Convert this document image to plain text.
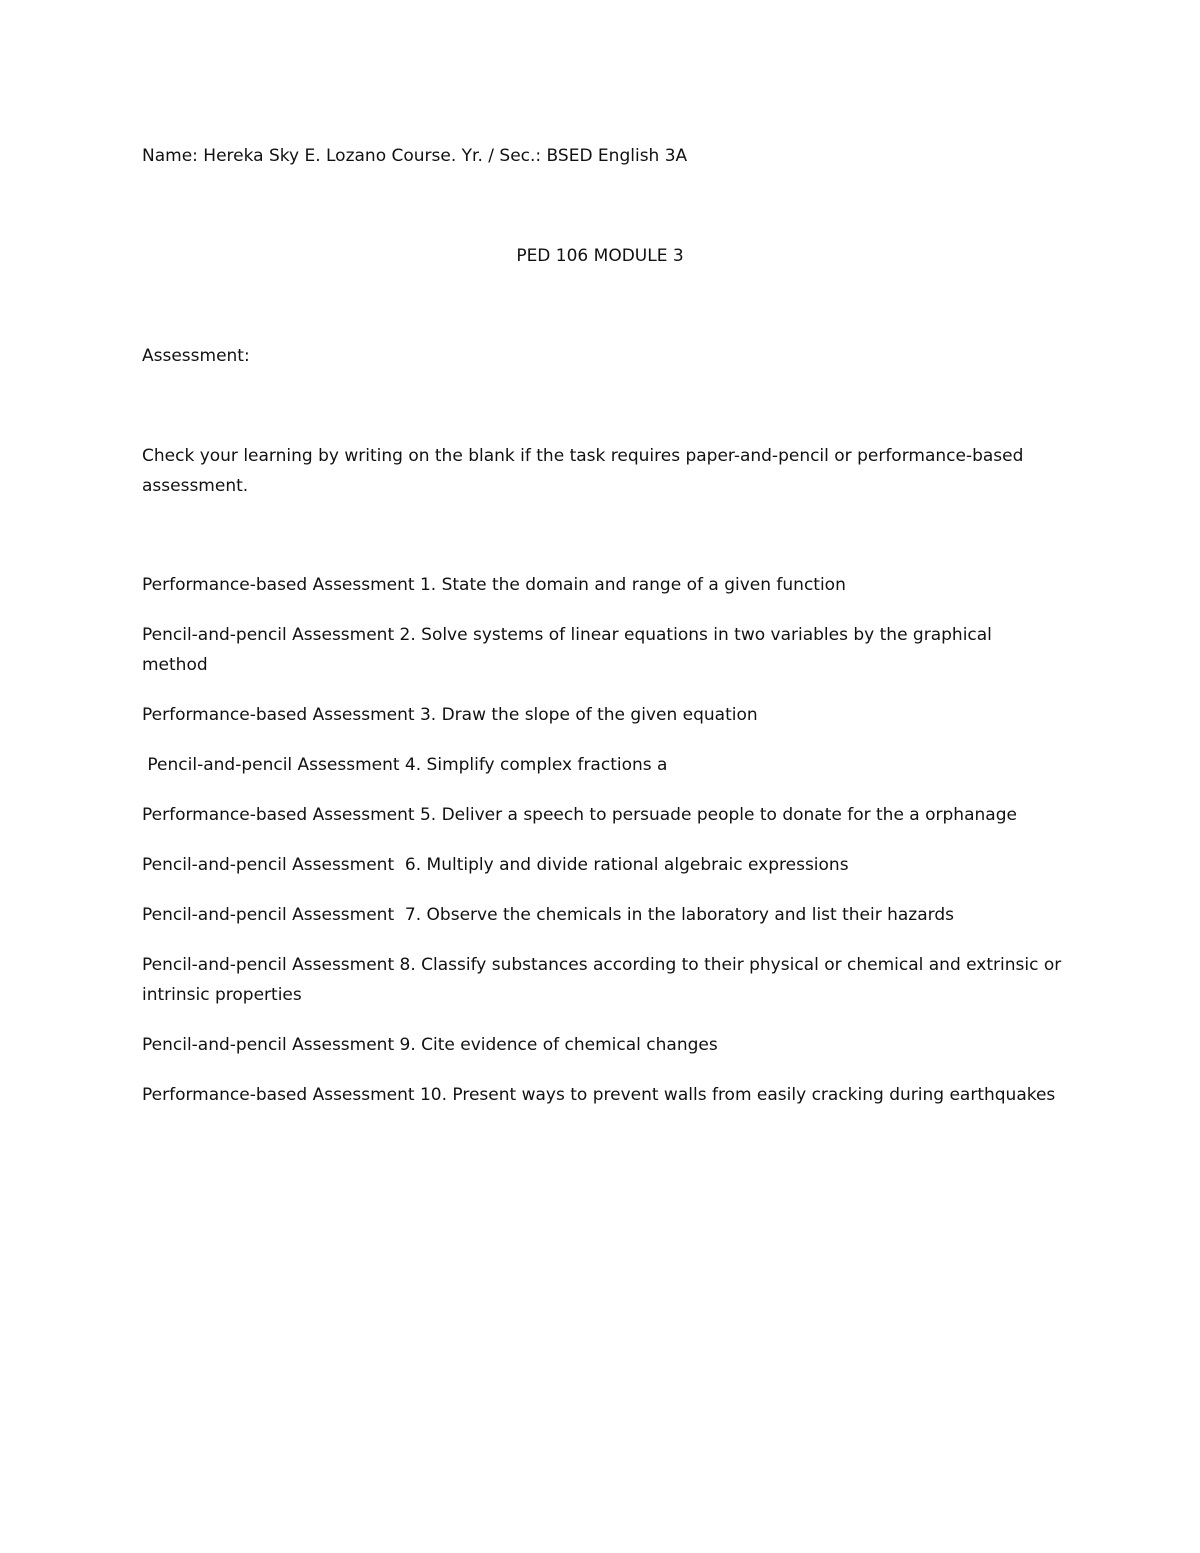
Name: Hereka Sky E. Lozano Course. Yr. / Sec.: BSED English 3A
PED 106 MODULE 3
Assessment:
Check your learning by writing on the blank if the task requires paper-and-pencil or performance-based assessment.
Performance-based Assessment 1. State the domain and range of a given function
Pencil-and-pencil Assessment 2. Solve systems of linear equations in two variables by the graphical method
Performance-based Assessment 3. Draw the slope of the given equation
Pencil-and-pencil Assessment 4. Simplify complex fractions a
Performance-based Assessment 5. Deliver a speech to persuade people to donate for the a orphanage
Pencil-and-pencil Assessment  6. Multiply and divide rational algebraic expressions
Pencil-and-pencil Assessment  7. Observe the chemicals in the laboratory and list their hazards
Pencil-and-pencil Assessment 8. Classify substances according to their physical or chemical and extrinsic or intrinsic properties
Pencil-and-pencil Assessment 9. Cite evidence of chemical changes
Performance-based Assessment 10. Present ways to prevent walls from easily cracking during earthquakes
